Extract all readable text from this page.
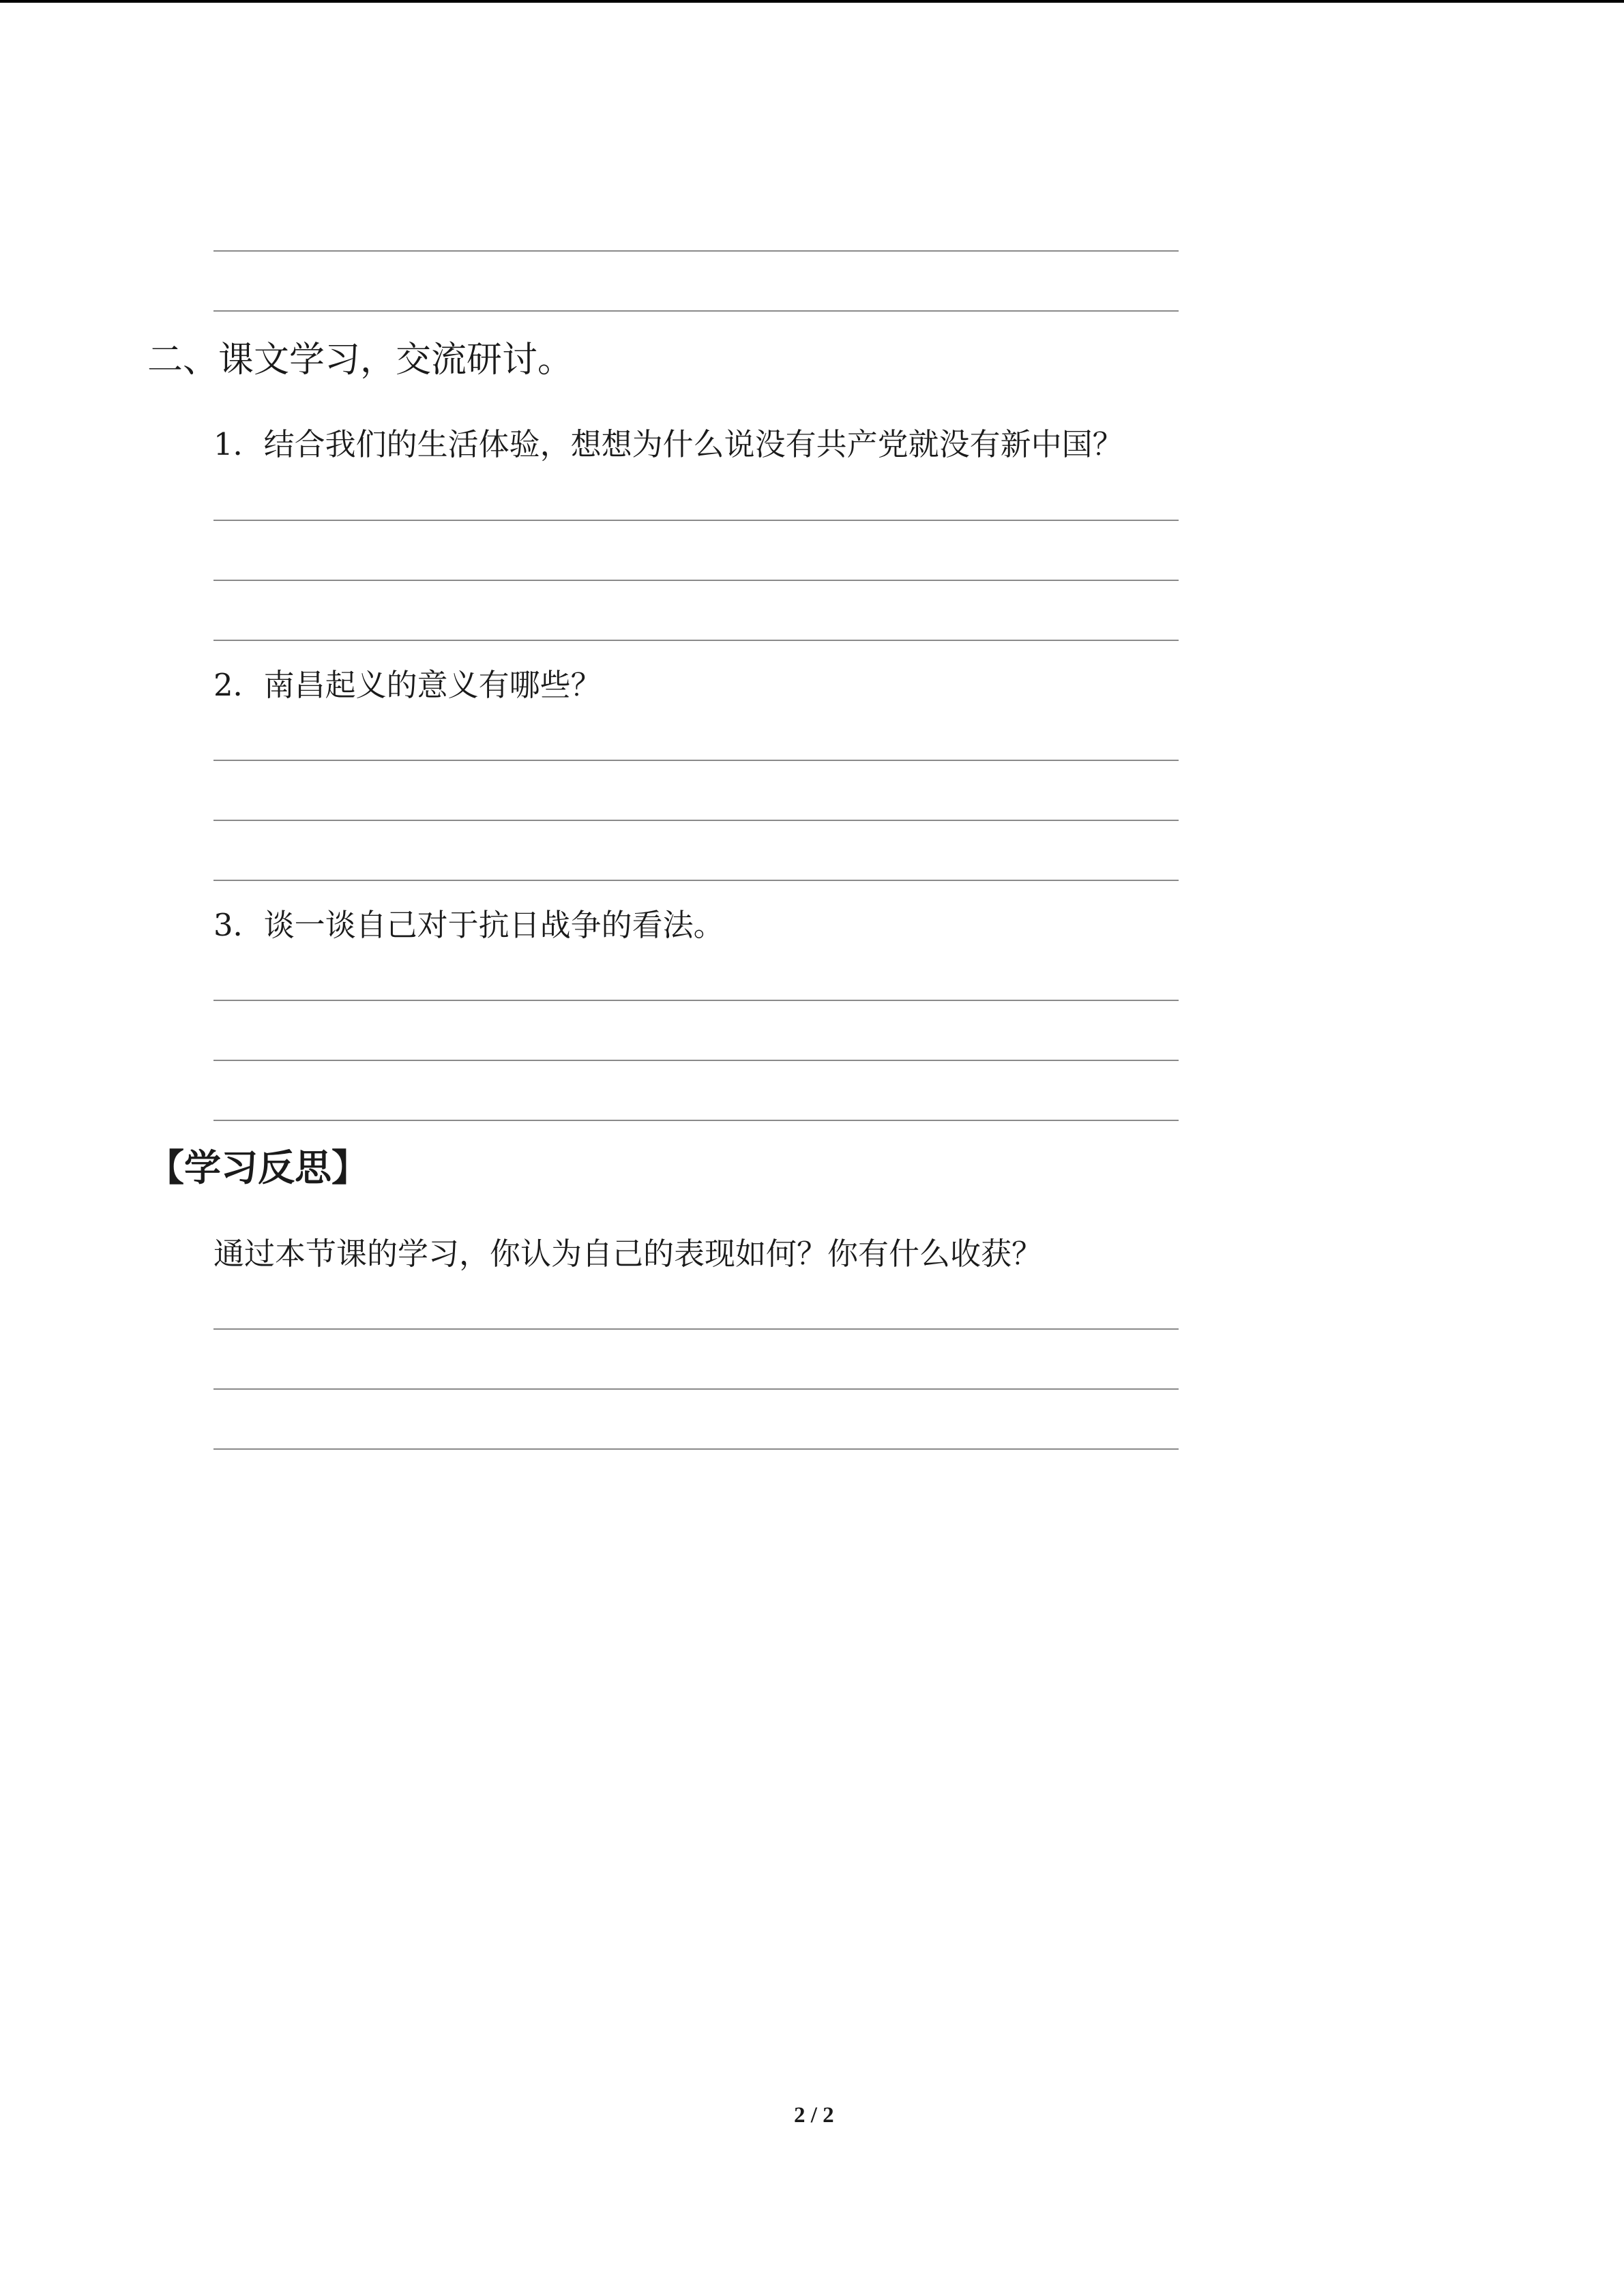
二、课文学习，交流研讨。
1．结合我们的生活体验，想想为什么说没有共产党就没有新中国？
2．南昌起义的意义有哪些？
3．谈一谈自己对于抗日战争的看法。
【学习反思】
通过本节课的学习，你认为自己的表现如何？你有什么收获？
2 / 2
